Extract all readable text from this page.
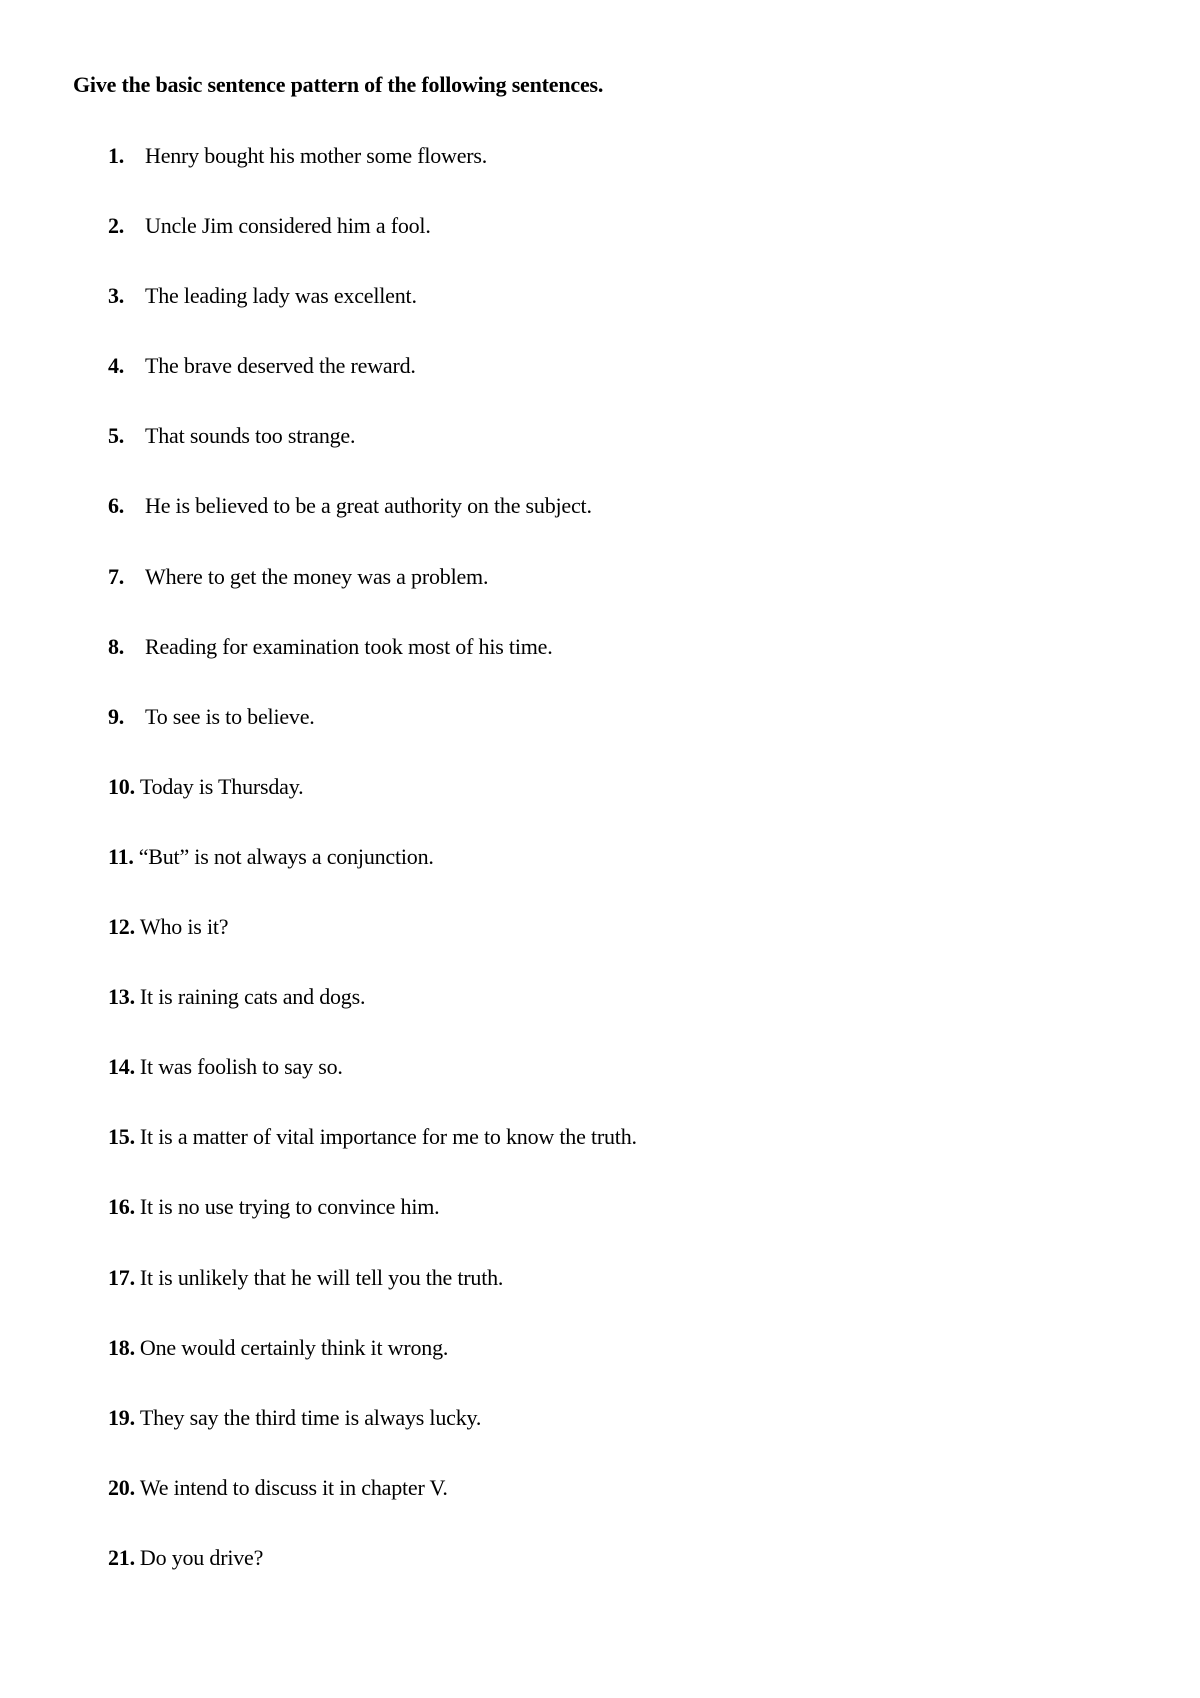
Give the basic sentence pattern of the following sentences.
1. Henry bought his mother some flowers.
2. Uncle Jim considered him a fool.
3. The leading lady was excellent.
4. The brave deserved the reward.
5. That sounds too strange.
6. He is believed to be a great authority on the subject.
7. Where to get the money was a problem.
8. Reading for examination took most of his time.
9. To see is to believe.
10. Today is Thursday.
11. “But” is not always a conjunction.
12. Who is it?
13. It is raining cats and dogs.
14. It was foolish to say so.
15. It is a matter of vital importance for me to know the truth.
16. It is no use trying to convince him.
17. It is unlikely that he will tell you the truth.
18. One would certainly think it wrong.
19. They say the third time is always lucky.
20. We intend to discuss it in chapter V.
21. Do you drive?
